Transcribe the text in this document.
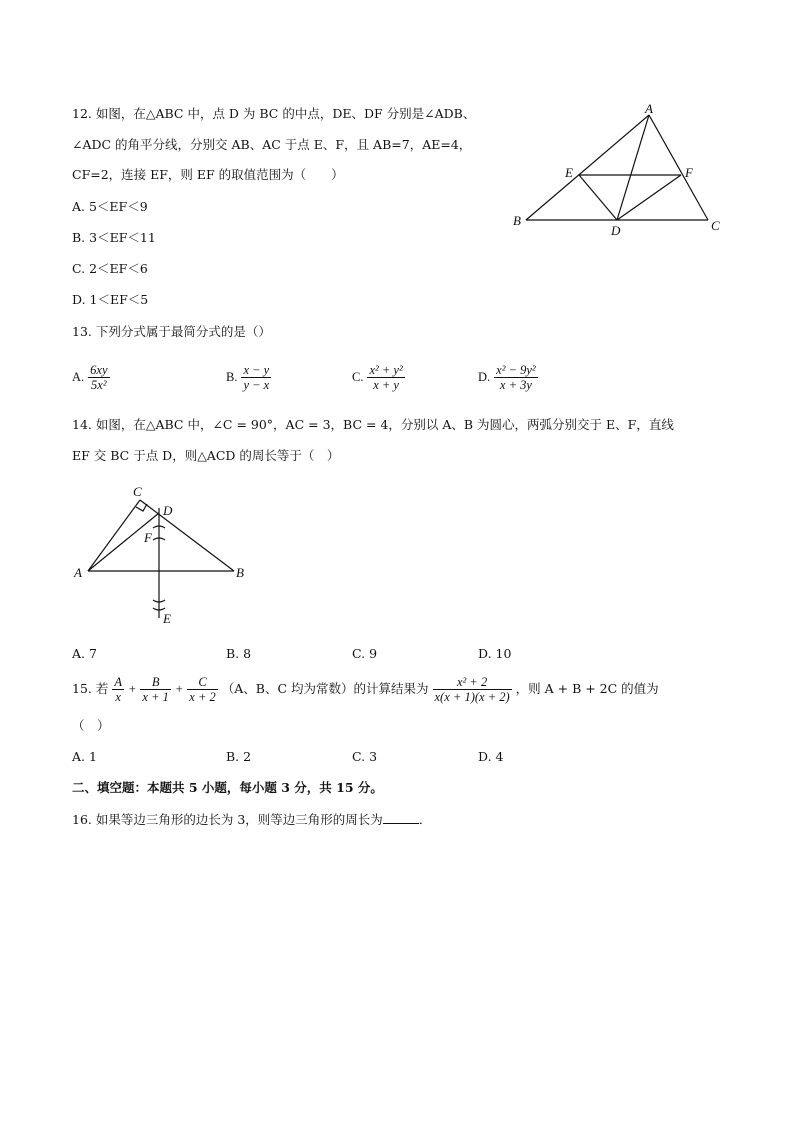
12. 如图，在△ABC 中，点 D 为 BC 的中点，DE、DF 分别是∠ADB、
∠ADC 的角平分线，分别交 AB、AC 于点 E、F，且 AB=7，AE=4，
CF=2，连接 EF，则 EF 的取值范围为（　　）
A. 5＜EF＜9
B. 3＜EF＜11
C. 2＜EF＜6
D. 1＜EF＜5
A
E	F
B
D	C
13. 下列分式属于最简分式的是（）
A. $\frac{6xy}{\text{5x²}}$	B. $\frac{x - y}{y - x}$	C. $\frac{\text{x² + y²}}{x + y}$	D. $\frac{\text{x² − 9y²}}{x + 3y}$
14. 如图，在△ABC 中，∠C = 90°，AC = 3，BC = 4，分别以 A、B 为圆心，两弧分别交于 E、F，直线
EF 交 BC 于点 D，则△ACD 的周长等于（　）
C
D
F
A	B
E
A. 7	B. 8	C. 9	D. 10
15. 若 $\frac{A}{x} + \frac{B}{x + 1} + \frac{C}{x + 2} (A$、B、C 均为常数）的计算结果为 $\frac{\text{x² + 2}}{x(x + 1)(x + 2)}$ ，则 A + B + 2C 的值为
（　）
A. 1	B. 2	C. 3	D. 4
二、填空题：本题共 5 小题，每小题 3 分，共 15 分。
16. 如果等边三角形的边长为 3，则等边三角形的周长为	．
